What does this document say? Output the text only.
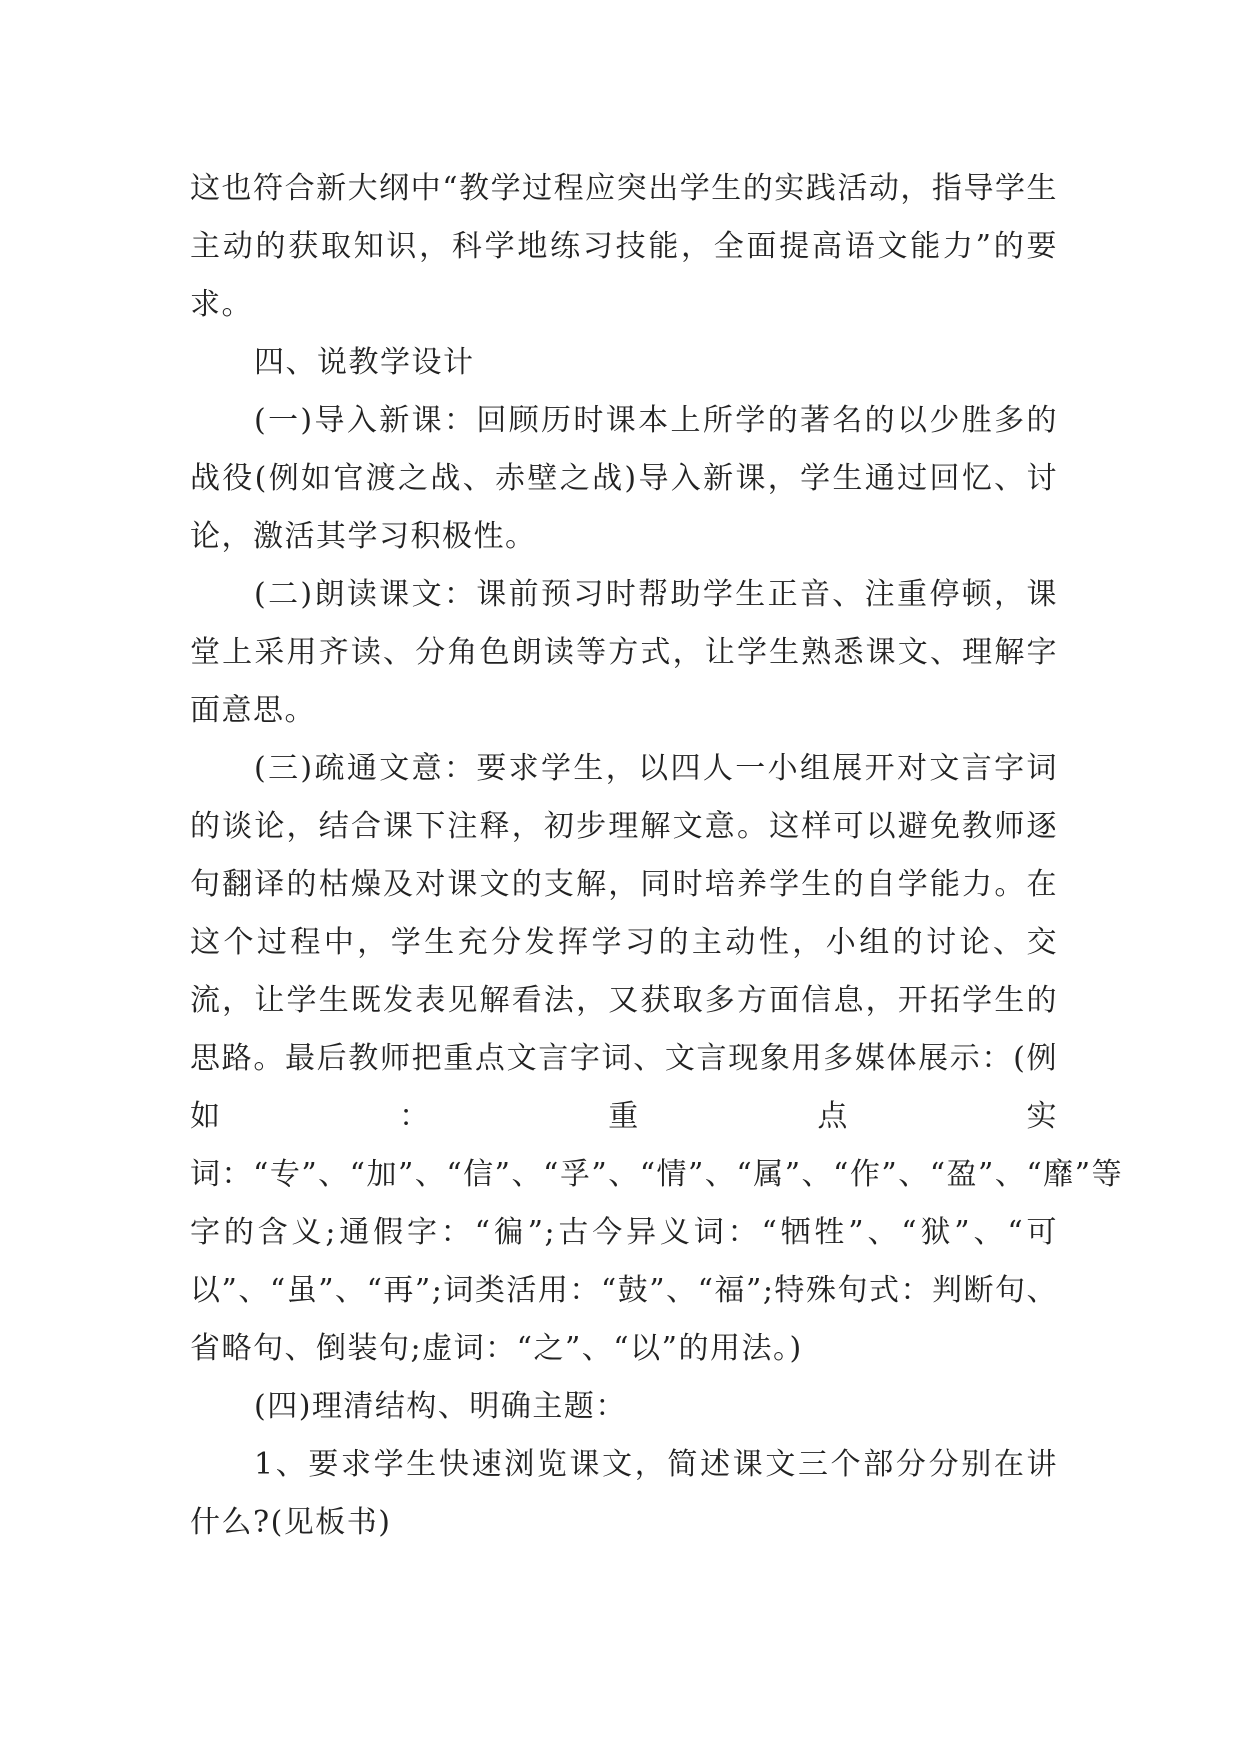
这也符合新大纲中“教学过程应突出学生的实践活动，指导学生主动的获取知识，科学地练习技能，全面提高语文能力”的要求。

四、说教学设计

(一)导入新课：回顾历时课本上所学的著名的以少胜多的战役(例如官渡之战、赤壁之战)导入新课，学生通过回忆、讨论，激活其学习积极性。

(二)朗读课文：课前预习时帮助学生正音、注重停顿，课堂上采用齐读、分角色朗读等方式，让学生熟悉课文、理解字面意思。

(三)疏通文意：要求学生，以四人一小组展开对文言字词的谈论，结合课下注释，初步理解文意。这样可以避免教师逐句翻译的枯燥及对课文的支解，同时培养学生的自学能力。在这个过程中，学生充分发挥学习的主动性，小组的讨论、交流，让学生既发表见解看法，又获取多方面信息，开拓学生的思路。最后教师把重点文言字词、文言现象用多媒体展示：(例如：重点实词：“专”、“加”、“信”、“孚”、“情”、“属”、“作”、“盈”、“靡”等字的含义;通假字：“徧”;古今异义词：“牺牲”、“狱”、“可以”、“虽”、“再”;词类活用：“鼓”、“福”;特殊句式：判断句、省略句、倒装句;虚词：“之”、“以”的用法。)

(四)理清结构、明确主题：

1、要求学生快速浏览课文，简述课文三个部分分别在讲什么?(见板书)
